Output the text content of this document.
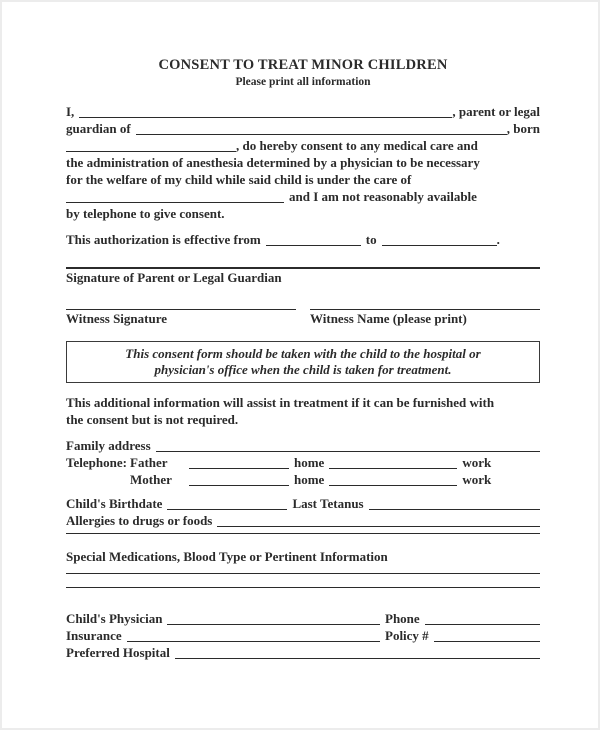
CONSENT TO TREAT MINOR CHILDREN
Please print all information
I,	, parent or legal
guardian of	, born
, do hereby consent to any medical care and
the administration of anesthesia determined by a physician to be necessary
for the welfare of my child while said child is under the care of
and I am not reasonably available
by telephone to give consent.
This authorization is effective from	to	.
Signature of Parent or Legal Guardian
Witness Signature	Witness Name (please print)
This consent form should be taken with the child to the hospital or
physician's office when the child is taken for treatment.
This additional information will assist in treatment if it can be furnished with
the consent but is not required.
Family address
Telephone: Father	home	work
Mother	home	work
Child's Birthdate	Last Tetanus
Allergies to drugs or foods
Special Medications, Blood Type or Pertinent Information
Child's Physician	Phone
Insurance	Policy #
Preferred Hospital
